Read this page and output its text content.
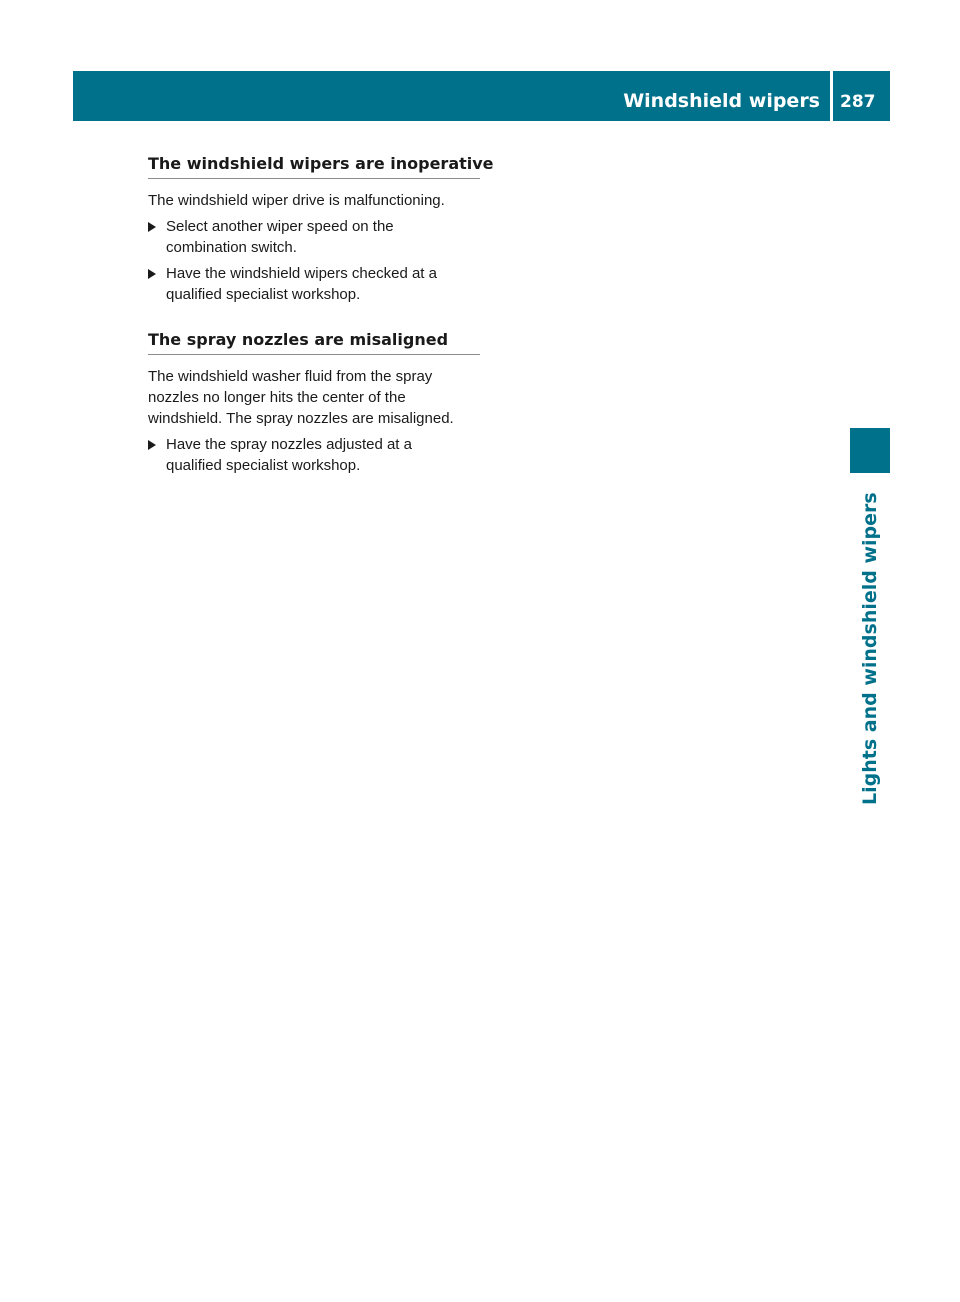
Windshield wipers 287
Lights and windshield wipers
The windshield wipers are inoperative

The windshield wiper drive is malfunctioning.

Select another wiper speed on the
combination switch.
Have the windshield wipers checked at a
qualified specialist workshop.
The spray nozzles are misaligned

The windshield washer fluid from the spray
nozzles no longer hits the center of the
windshield. The spray nozzles are misaligned.

Have the spray nozzles adjusted at a
qualified specialist workshop.
